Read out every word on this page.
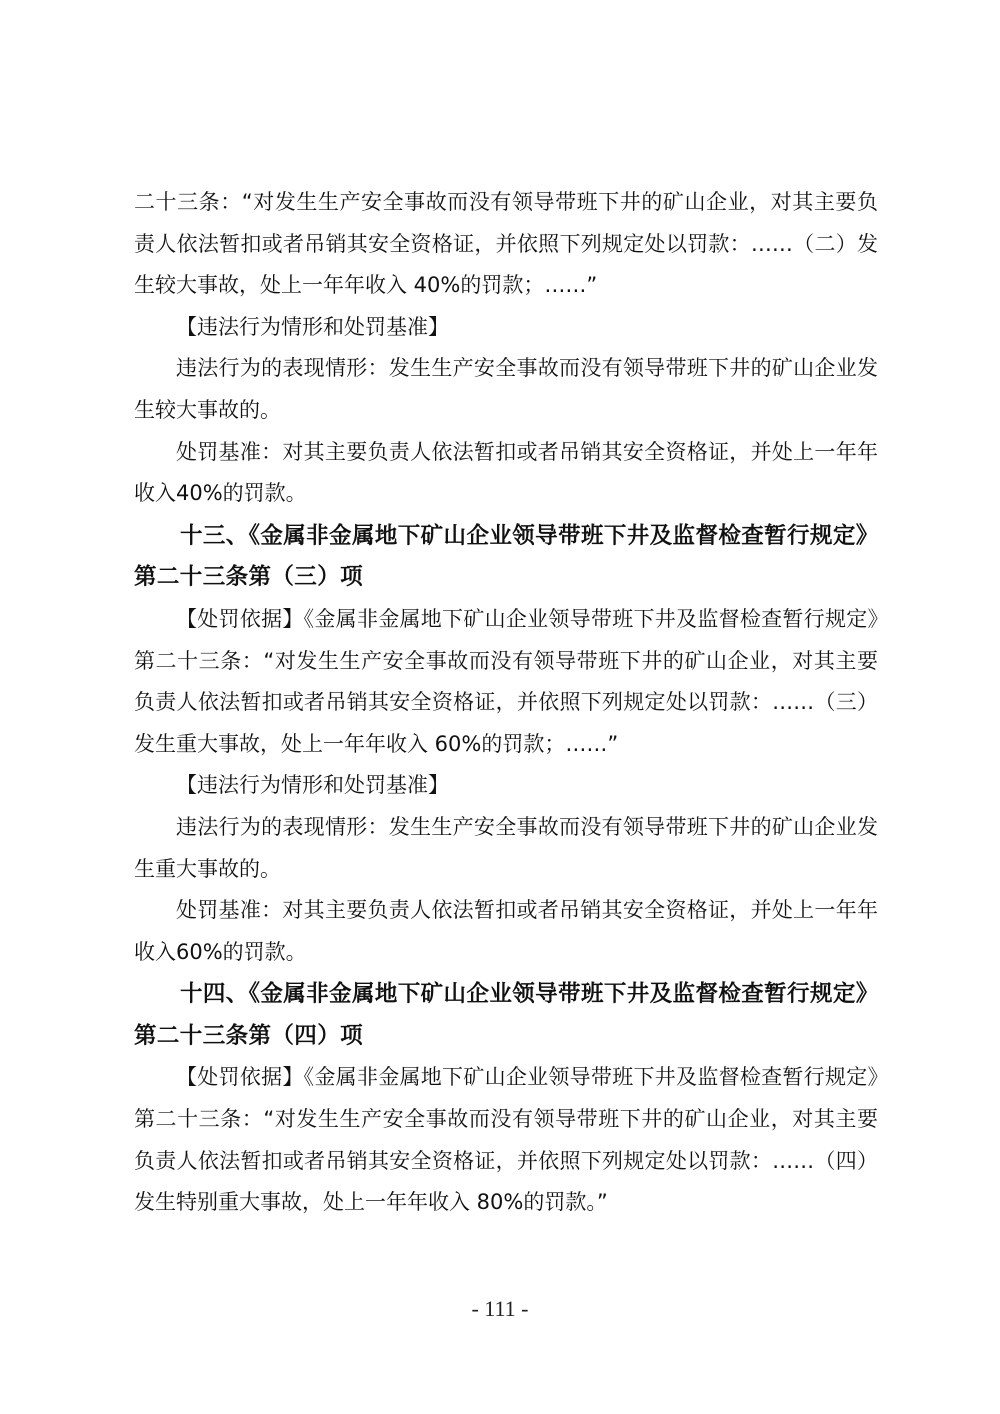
二十三条：“对发生生产安全事故而没有领导带班下井的矿山企业，对其主要负责人依法暂扣或者吊销其安全资格证，并依照下列规定处以罚款：……（二）发生较大事故，处上一年年收入 40%的罚款；……”

【违法行为情形和处罚基准】

违法行为的表现情形：发生生产安全事故而没有领导带班下井的矿山企业发生较大事故的。

处罚基准：对其主要负责人依法暂扣或者吊销其安全资格证，并处上一年年收入40%的罚款。

十三、《金属非金属地下矿山企业领导带班下井及监督检查暂行规定》第二十三条第（三）项

【处罚依据】《金属非金属地下矿山企业领导带班下井及监督检查暂行规定》第二十三条：“对发生生产安全事故而没有领导带班下井的矿山企业，对其主要负责人依法暂扣或者吊销其安全资格证，并依照下列规定处以罚款：……（三）发生重大事故，处上一年年收入 60%的罚款；……”

【违法行为情形和处罚基准】

违法行为的表现情形：发生生产安全事故而没有领导带班下井的矿山企业发生重大事故的。

处罚基准：对其主要负责人依法暂扣或者吊销其安全资格证，并处上一年年收入60%的罚款。

十四、《金属非金属地下矿山企业领导带班下井及监督检查暂行规定》第二十三条第（四）项

【处罚依据】《金属非金属地下矿山企业领导带班下井及监督检查暂行规定》第二十三条：“对发生生产安全事故而没有领导带班下井的矿山企业，对其主要负责人依法暂扣或者吊销其安全资格证，并依照下列规定处以罚款：……（四）发生特别重大事故，处上一年年收入 80%的罚款。”

- 111 -
